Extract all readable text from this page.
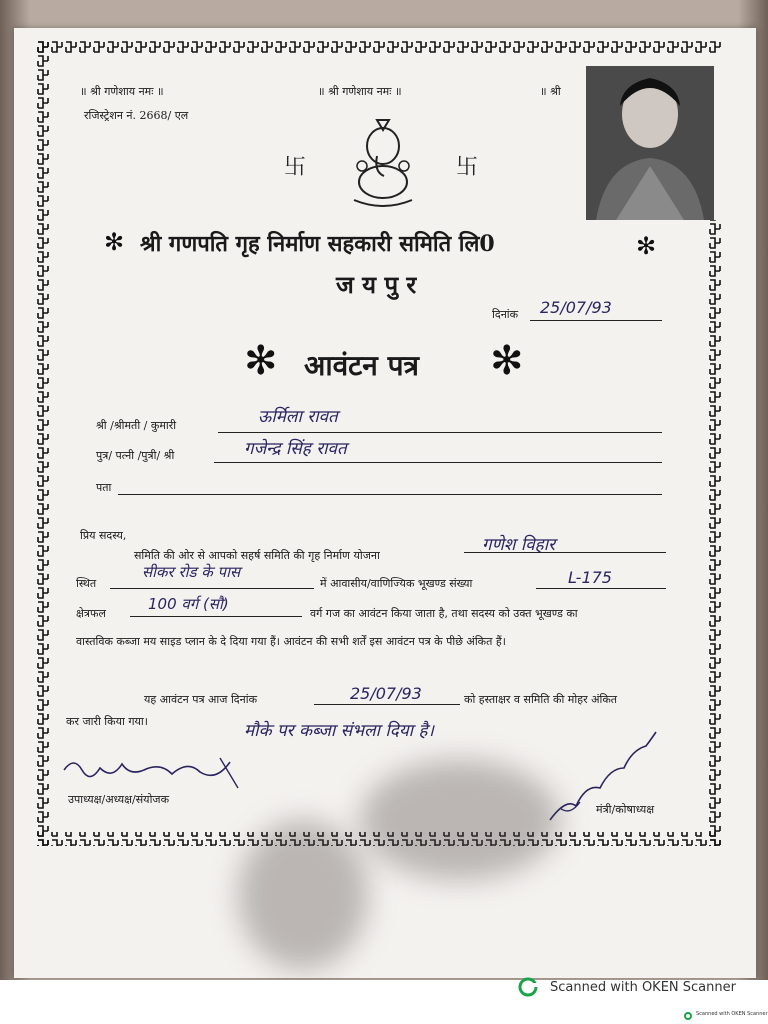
॥ श्री गणेशाय नमः ॥	॥ श्री गणेशाय नमः ॥	॥ श्री
रजिस्ट्रेशन नं. 2668/ एल
卐	卐
✻ श्री गणपति गृह निर्माण सहकारी समिति लि0	✻
ज य पु र
दिनांक 25/07/93
✻ आवंटन पत्र ✻
श्री /श्रीमती / कुमारी	ऊर्मिला रावत
पुत्र/ पत्नी /पुत्री/ श्री	गजेन्द्र सिंह रावत
पता
प्रिय सदस्य,
समिति की ओर से आपको सहर्ष समिति की गृह निर्माण योजना
गणेश विहार
स्थित
सीकर रोड के पास
में आवासीय/वाणिज्यिक भूखण्ड संख्या	L-175
क्षेत्रफल
100 वर्ग (सौ)
वर्ग गज का आवंटन किया जाता है, तथा सदस्य को उक्त भूखण्ड का
वास्तविक कब्जा मय साइड प्लान के दे दिया गया हैं। आवंटन की सभी शर्तें इस आवंटन पत्र के पीछे अंकित हैं।
यह आवंटन पत्र आज दिनांक	25/07/93	को हस्ताक्षर व समिति की मोहर अंकित
कर जारी किया गया।	मौके पर कब्जा संभला दिया है।
उपाध्यक्ष/अध्यक्ष/संयोजक
मंत्री/कोषाध्यक्ष
Scanned with OKEN Scanner
Scanned with OKEN Scanner
